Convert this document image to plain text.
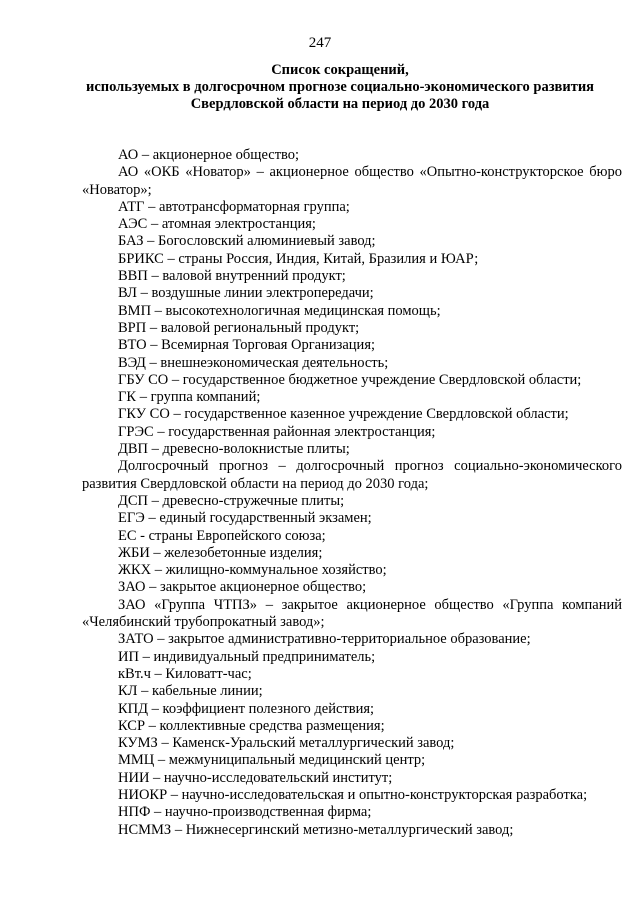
247
Список сокращений,
используемых в долгосрочном прогнозе социально-экономического развития
Свердловской области на период до 2030 года

АО – акционерное общество;

АО «ОКБ «Новатор» – акционерное общество «Опытно-конструкторское бюро «Новатор»;

АТГ – автотрансформаторная группа;

АЭС – атомная электростанция;

БАЗ – Богословский алюминиевый завод;

БРИКС – страны Россия, Индия, Китай, Бразилия и ЮАР;

ВВП – валовой внутренний продукт;

ВЛ – воздушные линии электропередачи;

ВМП – высокотехнологичная медицинская помощь;

ВРП – валовой региональный продукт;

ВТО – Всемирная Торговая Организация;

ВЭД – внешнеэкономическая деятельность;

ГБУ СО – государственное бюджетное учреждение Свердловской области;

ГК – группа компаний;

ГКУ СО – государственное казенное учреждение Свердловской области;

ГРЭС – государственная районная электростанция;

ДВП – древесно-волокнистые плиты;

Долгосрочный прогноз – долгосрочный прогноз социально-экономического развития Свердловской области на период до 2030 года;

ДСП – древесно-стружечные плиты;

ЕГЭ – единый государственный экзамен;

ЕС - страны Европейского союза;

ЖБИ – железобетонные изделия;

ЖКХ – жилищно-коммунальное хозяйство;

ЗАО – закрытое акционерное общество;

ЗАО «Группа ЧТПЗ» – закрытое акционерное общество «Группа компаний «Челябинский трубопрокатный завод»;

ЗАТО – закрытое административно-территориальное образование;

ИП – индивидуальный предприниматель;

кВт.ч – Киловатт-час;

КЛ – кабельные линии;

КПД – коэффициент полезного действия;

КСР – коллективные средства размещения;

КУМЗ – Каменск-Уральский металлургический завод;

ММЦ – межмуниципальный медицинский центр;

НИИ – научно-исследовательский институт;

НИОКР – научно-исследовательская и опытно-конструкторская разработка;

НПФ – научно-производственная фирма;

НСММЗ – Нижнесергинский метизно-металлургический завод;
